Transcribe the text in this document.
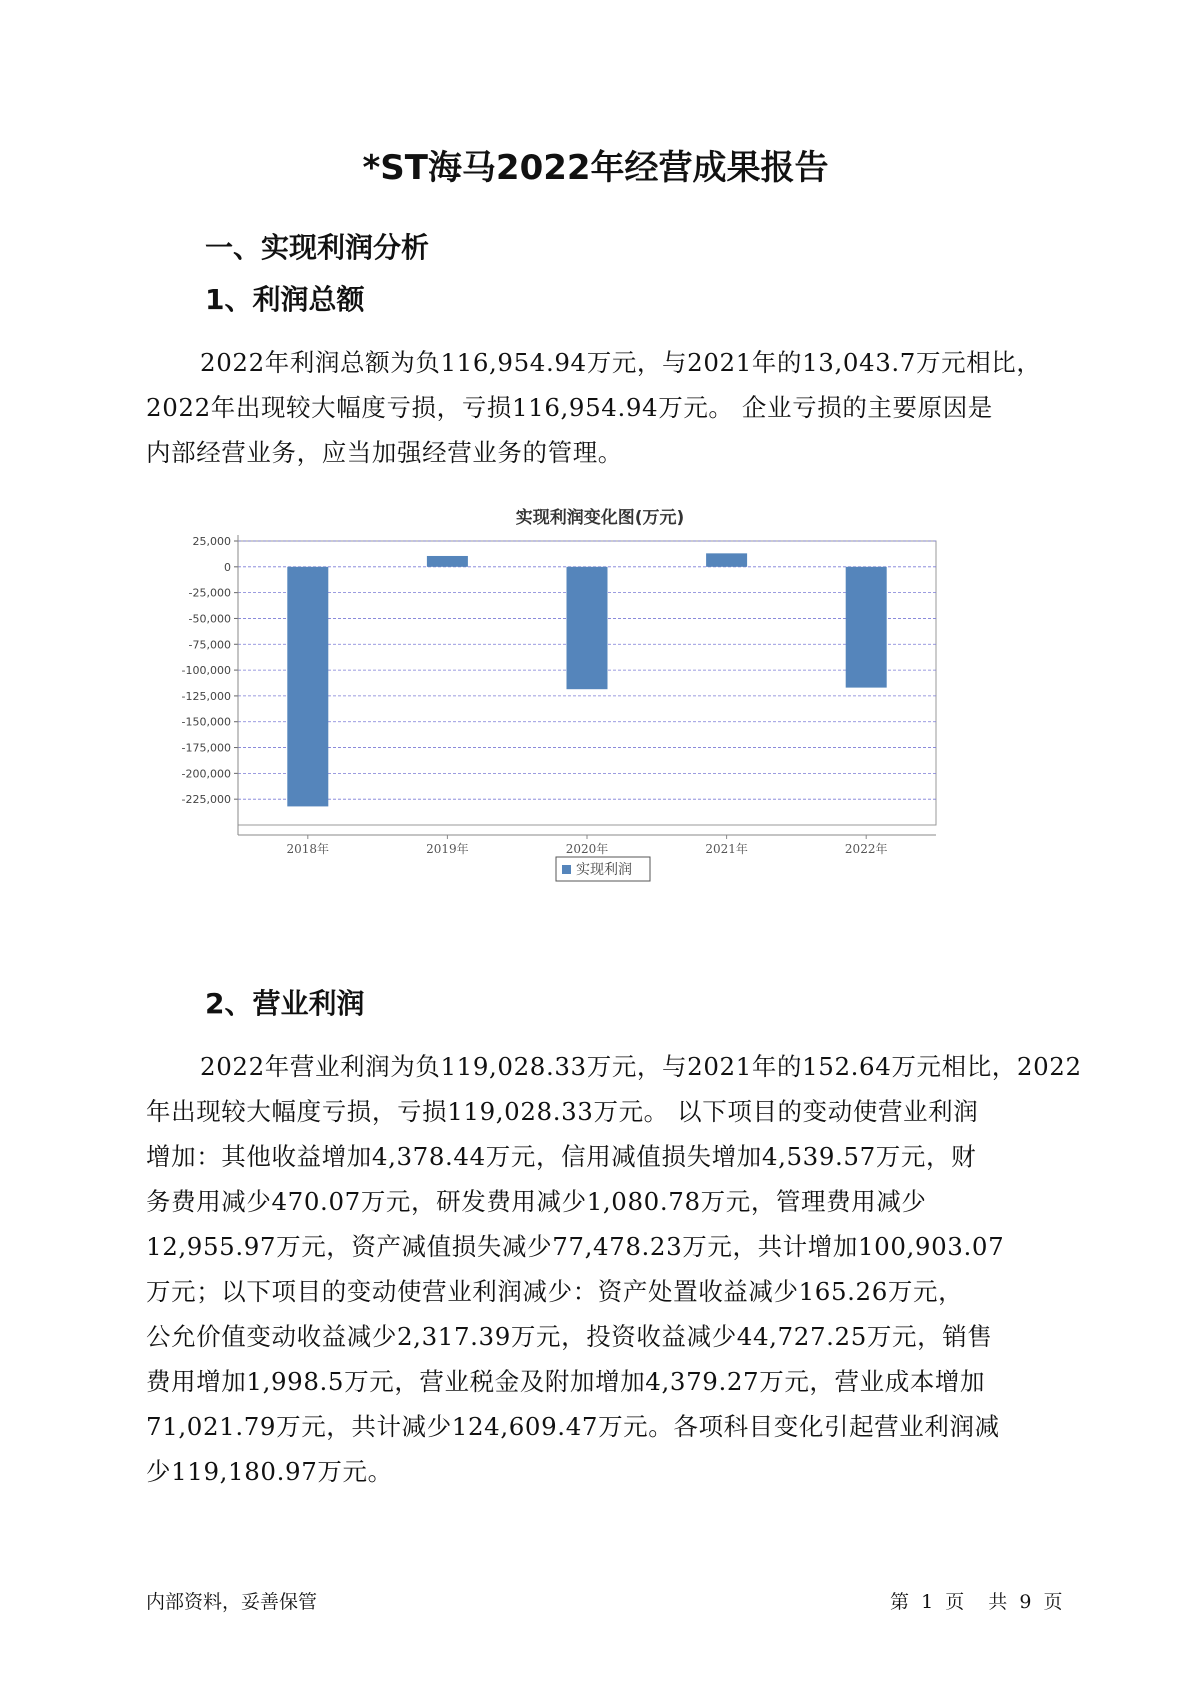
*ST海马2022年经营成果报告
一、实现利润分析
1、利润总额
2022年利润总额为负116,954.94万元，与2021年的13,043.7万元相比，
2022年出现较大幅度亏损，亏损116,954.94万元。 企业亏损的主要原因是
内部经营业务，应当加强经营业务的管理。
实现利润变化图(万元)
25,000
0
-25,000
-50,000
-75,000
-100,000
-125,000
-150,000
-175,000
-200,000
-225,000
2018年	2019年	2020年	2021年	2022年
实现利润
2、营业利润
2022年营业利润为负119,028.33万元，与2021年的152.64万元相比，2022
年出现较大幅度亏损，亏损119,028.33万元。 以下项目的变动使营业利润
增加：其他收益增加4,378.44万元，信用减值损失增加4,539.57万元，财
务费用减少470.07万元，研发费用减少1,080.78万元，管理费用减少
12,955.97万元，资产减值损失减少77,478.23万元，共计增加100,903.07
万元；以下项目的变动使营业利润减少：资产处置收益减少165.26万元，
公允价值变动收益减少2,317.39万元，投资收益减少44,727.25万元，销售
费用增加1,998.5万元，营业税金及附加增加4,379.27万元，营业成本增加
71,021.79万元，共计减少124,609.47万元。各项科目变化引起营业利润减
少119,180.97万元。
内部资料，妥善保管	第 1 页 共 9 页
